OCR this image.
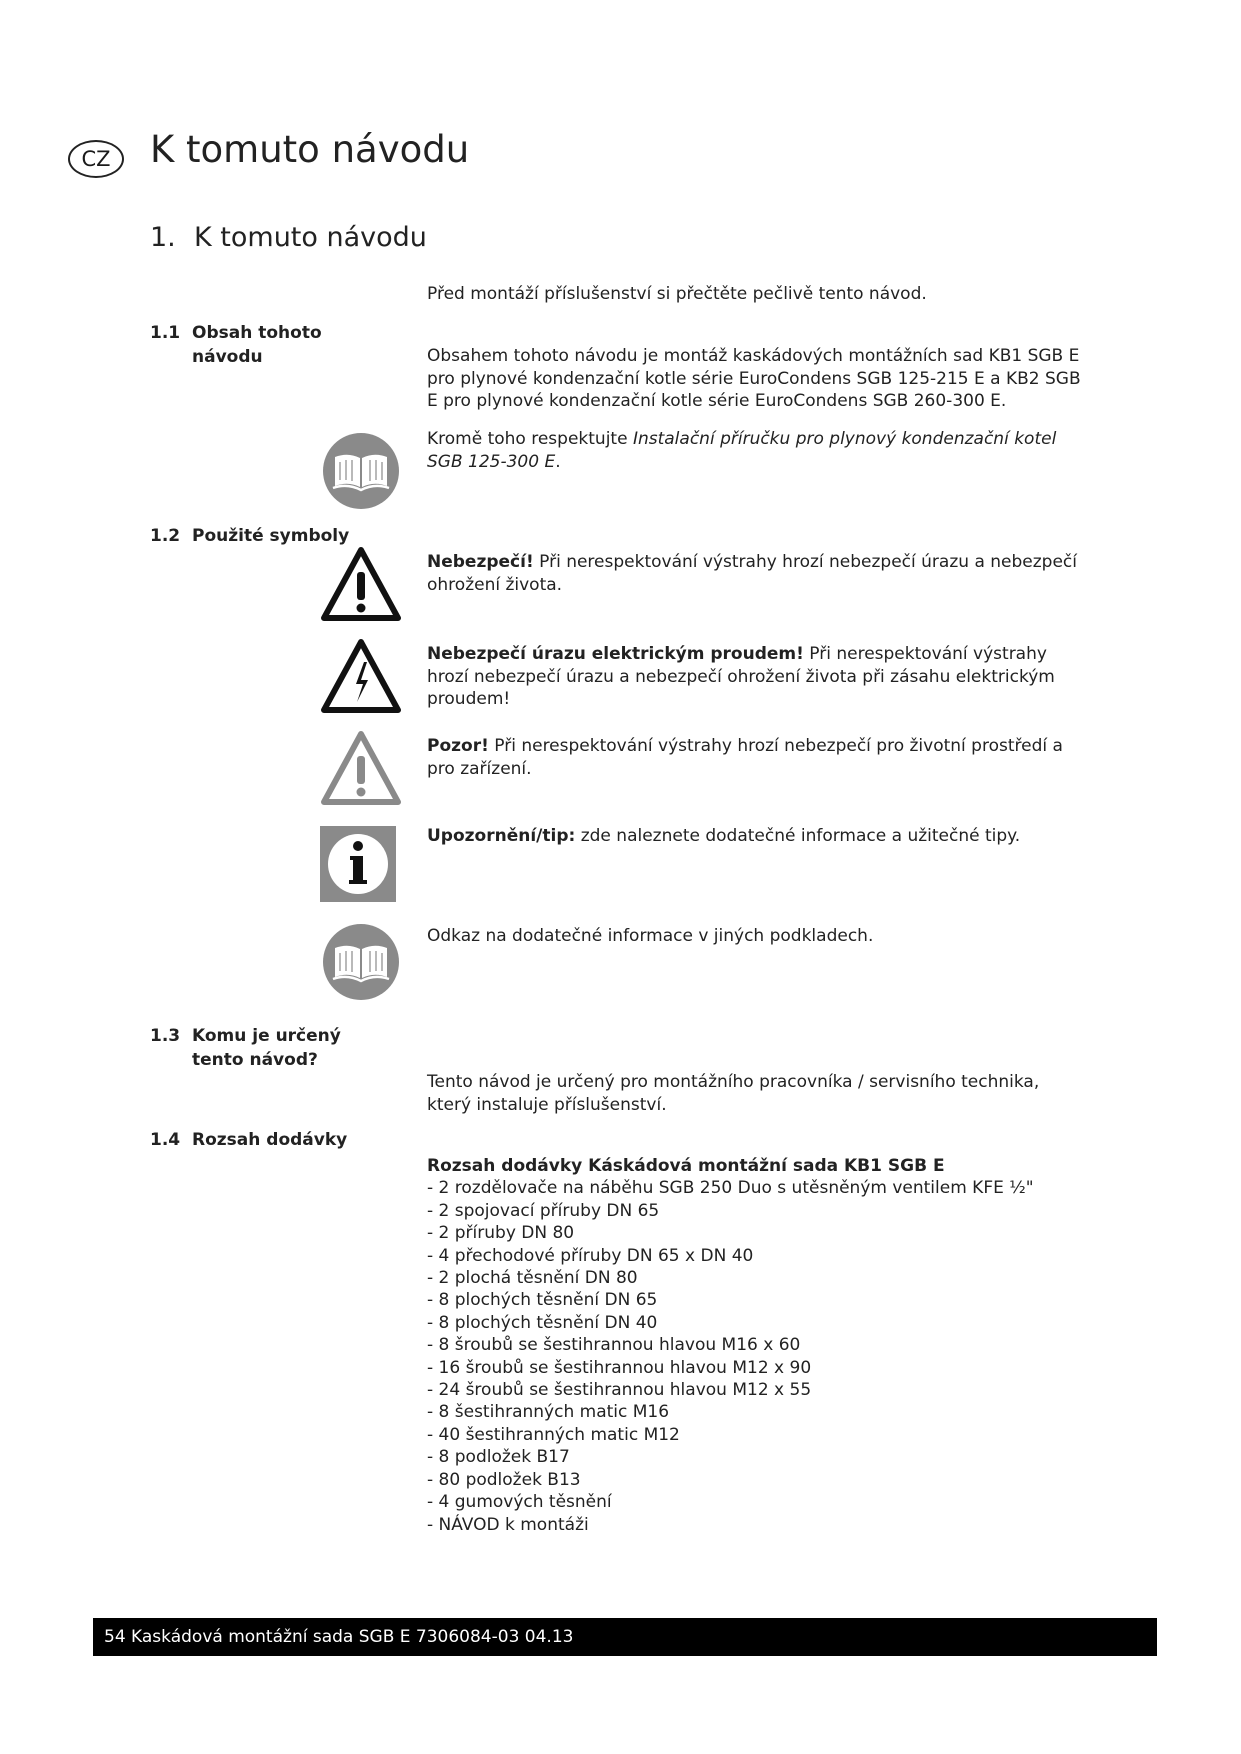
CZ	K tomuto návodu
1. K tomuto návodu
Před montáží příslušenství si přečtěte pečlivě tento návod.
1.1 Obsah tohoto návodu	Obsahem tohoto návodu je montáž kaskádových montážních sad KB1 SGB E pro plynové kondenzační kotle série EuroCondens SGB 125-215 E a KB2 SGB E pro plynové kondenzační kotle série EuroCondens SGB 260-300 E.
Kromě toho respektujte Instalační příručku pro plynový kondenzační kotel SGB 125-300 E.
1.2 Použité symboly
Nebezpečí! Při nerespektování výstrahy hrozí nebezpečí úrazu a nebezpečí ohrožení života.
Nebezpečí úrazu elektrickým proudem! Při nerespektování výstrahy hrozí nebezpečí úrazu a nebezpečí ohrožení života při zásahu elektrickým proudem!
Pozor! Při nerespektování výstrahy hrozí nebezpečí pro životní prostředí a pro zařízení.
Upozornění/tip: zde naleznete dodatečné informace a užitečné tipy.
Odkaz na dodatečné informace v jiných podkladech.
1.3 Komu je určený tento návod?
Tento návod je určený pro montážního pracovníka / servisního technika, který instaluje příslušenství.
1.4 Rozsah dodávky
Rozsah dodávky Káskádová montážní sada KB1 SGB E
- 2 rozdělovače na náběhu SGB 250 Duo s utěsněným ventilem KFE ½"
- 2 spojovací příruby DN 65
- 2 příruby DN 80
- 4 přechodové příruby DN 65 x DN 40
- 2 plochá těsnění DN 80
- 8 plochých těsnění DN 65
- 8 plochých těsnění DN 40
- 8 šroubů se šestihrannou hlavou M16 x 60
- 16 šroubů se šestihrannou hlavou M12 x 90
- 24 šroubů se šestihrannou hlavou M12 x 55
- 8 šestihranných matic M16
- 40 šestihranných matic M12
- 8 podložek B17
- 80 podložek B13
- 4 gumových těsnění
- NÁVOD k montáži
54 Kaskádová montážní sada SGB E 7306084-03 04.13
